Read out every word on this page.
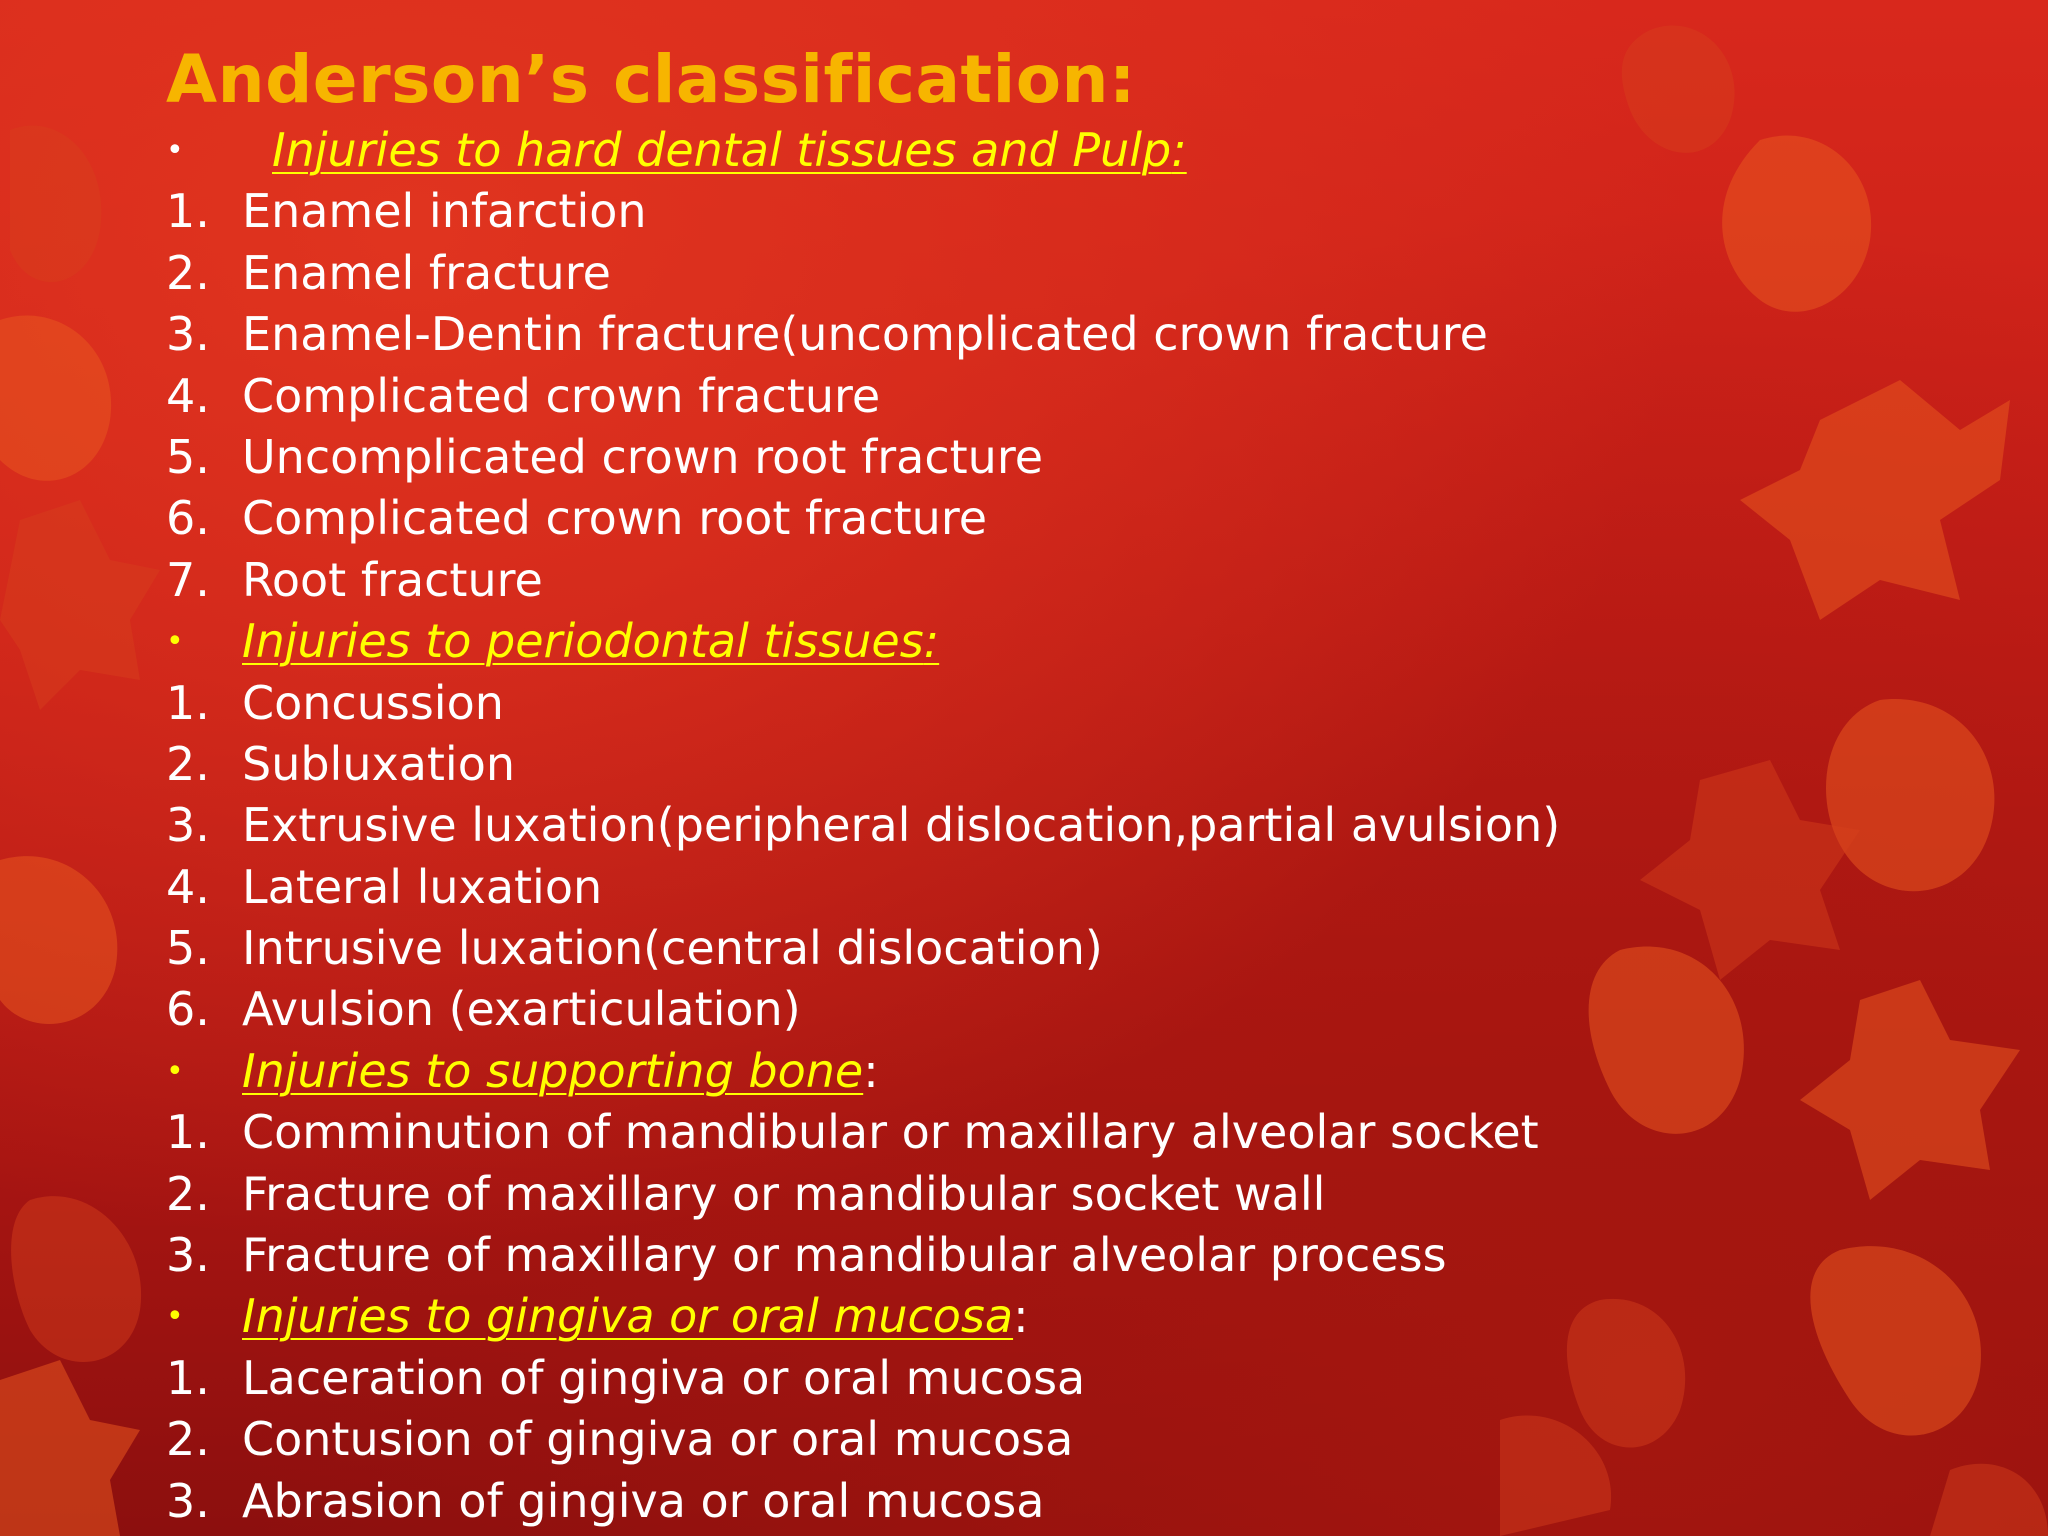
Anderson’s classification:
•	Injuries to hard dental tissues and Pulp:
1. Enamel infarction
2. Enamel fracture
3. Enamel-Dentin fracture(uncomplicated crown fracture
4. Complicated crown fracture
5. Uncomplicated crown root fracture
6. Complicated crown root fracture
7. Root fracture
•	Injuries to periodontal tissues:
1. Concussion
2. Subluxation
3. Extrusive luxation(peripheral dislocation,partial avulsion)
4. Lateral luxation
5. Intrusive luxation(central dislocation)
6. Avulsion (exarticulation)
•	Injuries to supporting bone:
1. Comminution of mandibular or maxillary alveolar socket
2. Fracture of maxillary or mandibular socket wall
3. Fracture of maxillary or mandibular alveolar process
•	Injuries to gingiva or oral mucosa:
1. Laceration of gingiva or oral mucosa
2. Contusion of gingiva or oral mucosa
3. Abrasion of gingiva or oral mucosa
